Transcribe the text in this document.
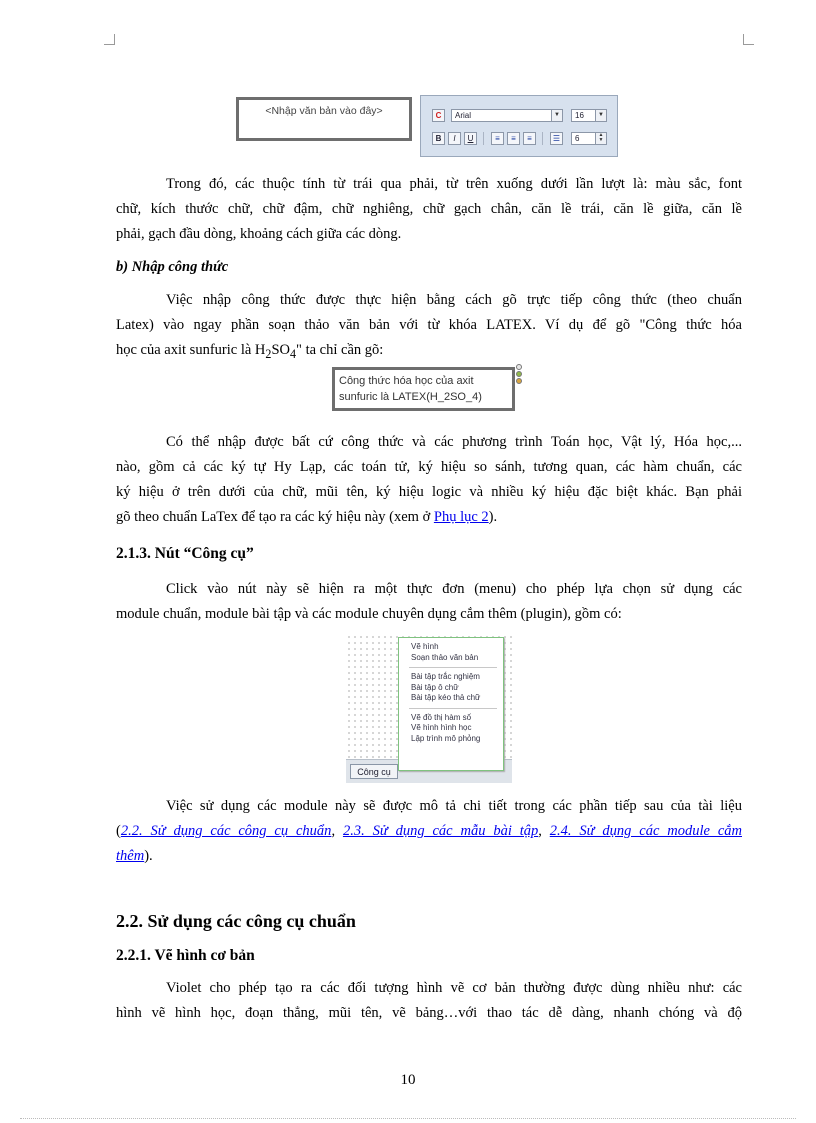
<Nhập văn bản vào đây>	C	Arial	▼	16	▼
B	I	U	≡	≡	≡	☰	6	▲
▼
Trong đó, các thuộc tính từ trái qua phải, từ trên xuống dưới lần lượt là: màu sắc, font
chữ, kích thước chữ, chữ đậm, chữ nghiêng, chữ gạch chân, căn lề trái, căn lề giữa, căn lề
phải, gạch đầu dòng, khoảng cách giữa các dòng.
b) Nhập công thức
Việc nhập công thức được thực hiện bằng cách gõ trực tiếp công thức (theo chuẩn
Latex) vào ngay phần soạn thảo văn bản với từ khóa LATEX. Ví dụ để gõ "Công thức hóa
học của axit sunfuric là $H_2SO_4$" ta chỉ cần gõ:
Công thức hóa học của axit
sunfuric là LATEX(H_2SO_4)
Có thể nhập được bất cứ công thức và các phương trình Toán học, Vật lý, Hóa học,...
nào, gồm cả các ký tự Hy Lạp, các toán tử, ký hiệu so sánh, tương quan, các hàm chuẩn, các
ký hiệu ở trên dưới của chữ, mũi tên, ký hiệu logic và nhiều ký hiệu đặc biệt khác. Bạn phải
gõ theo chuẩn LaTex để tạo ra các ký hiệu này (xem ở Phụ lục 2).
2.1.3. Nút “Công cụ”
Click vào nút này sẽ hiện ra một thực đơn (menu) cho phép lựa chọn sử dụng các
module chuẩn, module bài tập và các module chuyên dụng cắm thêm (plugin), gồm có:
Công cụ
Vẽ hình
Soạn thảo văn bản
Bài tập trắc nghiệm
Bài tập ô chữ
Bài tập kéo thả chữ
Vẽ đồ thị hàm số
Vẽ hình hình học
Lập trình mô phỏng
Việc sử dụng các module này sẽ được mô tả chi tiết trong các phần tiếp sau của tài liệu
(2.2. Sử dụng các công cụ chuẩn, 2.3. Sử dụng các mẫu bài tập, 2.4. Sử dụng các module cắm
thêm).
2.2. Sử dụng các công cụ chuẩn
2.2.1. Vẽ hình cơ bản
Violet cho phép tạo ra các đối tượng hình vẽ cơ bản thường được dùng nhiều như: các
hình vẽ hình học, đoạn thẳng, mũi tên, vẽ bảng…với thao tác dễ dàng, nhanh chóng và độ
10
